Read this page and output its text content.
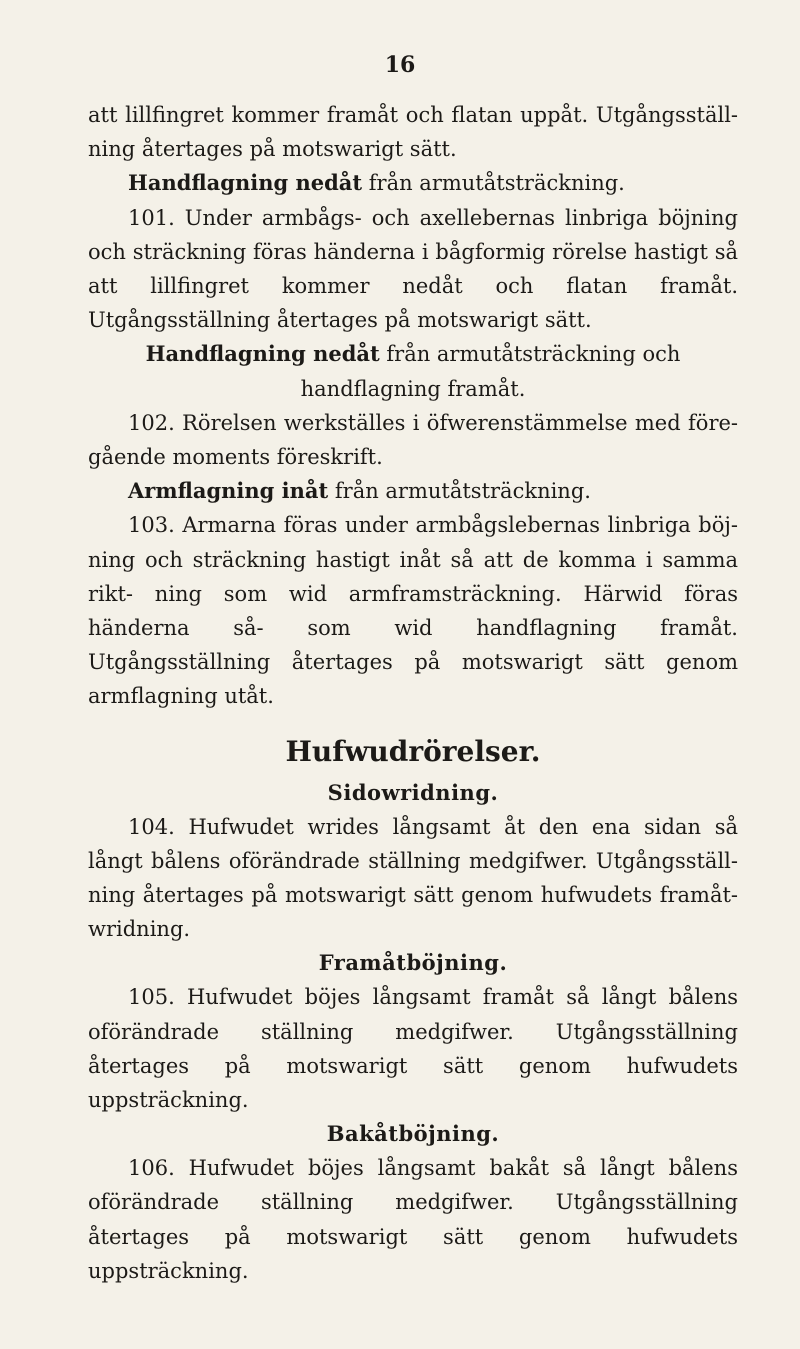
16

att lillfingret kommer framåt och flatan uppåt. Utgångsställ- ning återtages på motswarigt sätt.

Handflagning nedåt från armutåtsträckning.

101. Under armbågs- och axellebernas linbriga böjning och sträckning föras händerna i bågformig rörelse hastigt så att lillfingret kommer nedåt och flatan framåt. Utgångsställning återtages på motswarigt sätt.

Handflagning nedåt från armutåtsträckning och handflagning framåt.

102. Rörelsen werkställes i öfwerenstämmelse med före- gående moments föreskrift.

Armflagning inåt från armutåtsträckning.

103. Armarna föras under armbågslebernas linbriga böj- ning och sträckning hastigt inåt så att de komma i samma rikt- ning som wid armframsträckning. Härwid föras händerna så- som wid handflagning framåt. Utgångsställning återtages på motswarigt sätt genom armflagning utåt.

Hufwudrörelser.
Sidowridning.

104. Hufwudet wrides långsamt åt den ena sidan så långt bålens oförändrade ställning medgifwer. Utgångsställ- ning återtages på motswarigt sätt genom hufwudets framåt- wridning.

Framåtböjning.

105. Hufwudet böjes långsamt framåt så långt bålens oförändrade ställning medgifwer. Utgångsställning återtages på motswarigt sätt genom hufwudets uppsträckning.

Bakåtböjning.

106. Hufwudet böjes långsamt bakåt så långt bålens oförändrade ställning medgifwer. Utgångsställning återtages på motswarigt sätt genom hufwudets uppsträckning.
